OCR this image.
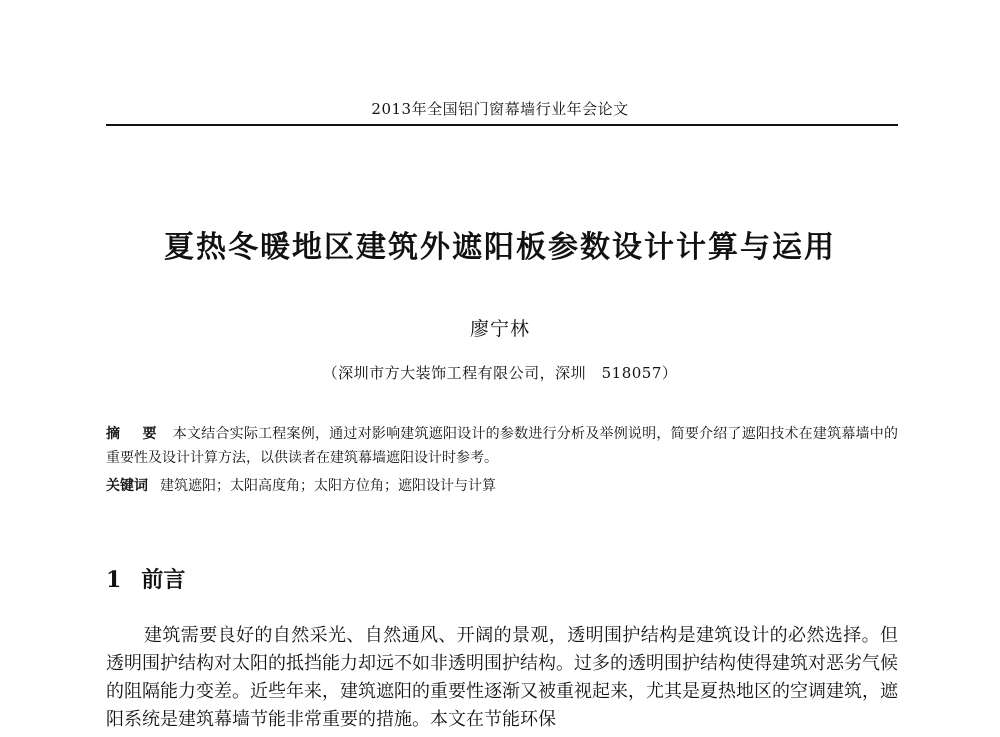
2013年全国铝门窗幕墙行业年会论文
夏热冬暖地区建筑外遮阳板参数设计计算与运用
廖宁林
（深圳市方大装饰工程有限公司，深圳　518057）
摘　要 本文结合实际工程案例，通过对影响建筑遮阳设计的参数进行分析及举例说明，简要介绍了遮阳技术在建筑幕墙中的重要性及设计计算方法，以供读者在建筑幕墙遮阳设计时参考。
关键词 建筑遮阳；太阳高度角；太阳方位角；遮阳设计与计算
1 前言
建筑需要良好的自然采光、自然通风、开阔的景观，透明围护结构是建筑设计的必然选择。但透明围护结构对太阳的抵挡能力却远不如非透明围护结构。过多的透明围护结构使得建筑对恶劣气候的阻隔能力变差。近些年来，建筑遮阳的重要性逐渐又被重视起来，尤其是夏热地区的空调建筑，遮阳系统是建筑幕墙节能非常重要的措施。本文在节能环保
